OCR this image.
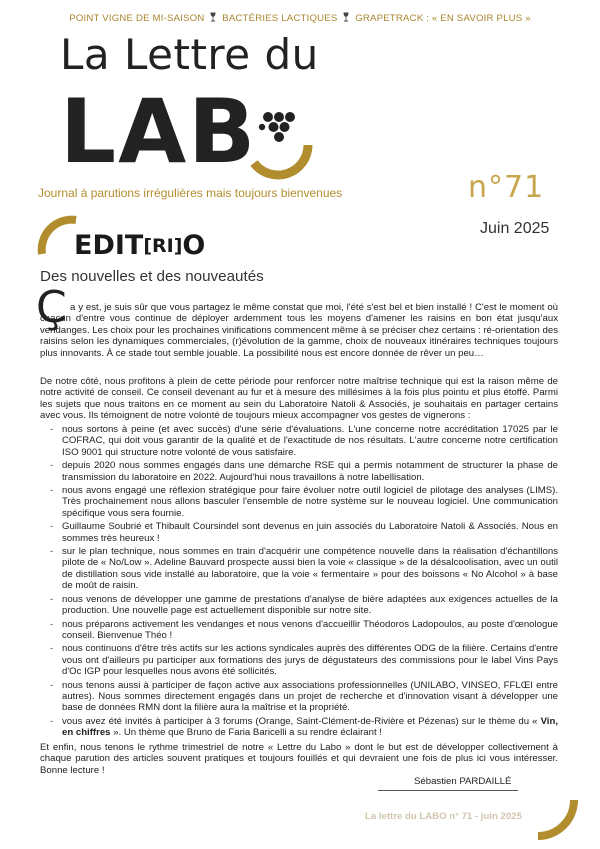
POINT VIGNE DE MI-SAISON BACTÉRIES LACTIQUES GRAPETRACK : « EN SAVOIR PLUS »
La Lettre du
LAB
Journal à parutions irrégulières mais toujours bienvenues	n°71
EDIT[RI]O
Juin 2025
Des nouvelles et des nouveautés
Ç a y est, je suis sûr que vous partagez le même constat que moi, l'été s'est bel et bien installé ! C'est le moment où chacun d'entre vous continue de déployer ardemment tous les moyens d'amener les raisins en bon état jusqu'aux vendanges. Les choix pour les prochaines vinifications commencent même à se préciser chez certains : ré-orientation des raisins selon les dynamiques commerciales, (r)évolution de la gamme, choix de nouveaux itinéraires techniques toujours plus innovants. À ce stade tout semble jouable. La possibilité nous est encore donnée de rêver un peu…

De notre côté, nous profitons à plein de cette période pour renforcer notre maîtrise technique qui est la raison même de notre activité de conseil. Ce conseil devenant au fur et à mesure des millésimes à la fois plus pointu et plus étoffé. Parmi les sujets que nous traitons en ce moment au sein du Laboratoire Natoli & Associés, je souhaitais en partager certains avec vous. Ils témoignent de notre volonté de toujours mieux accompagner vos gestes de vignerons :

‐ nous sortons à peine (et avec succès) d'une série d'évaluations. L'une concerne notre accréditation 17025 par le COFRAC, qui doit vous garantir de la qualité et de l'exactitude de nos résultats. L'autre concerne notre certification ISO 9001 qui structure notre volonté de vous satisfaire.
‐ depuis 2020 nous sommes engagés dans une démarche RSE qui a permis notamment de structurer la phase de transmission du laboratoire en 2022. Aujourd'hui nous travaillons à notre labellisation.
‐ nous avons engagé une réflexion stratégique pour faire évoluer notre outil logiciel de pilotage des analyses (LIMS). Très prochainement nous allons basculer l'ensemble de notre système sur le nouveau logiciel. Une communication spécifique vous sera fournie.
‐ Guillaume Soubrié et Thibault Coursindel sont devenus en juin associés du Laboratoire Natoli & Associés. Nous en sommes très heureux !
‐ sur le plan technique, nous sommes en train d'acquérir une compétence nouvelle dans la réalisation d'échantillons pilote de « No/Low ». Adeline Bauvard prospecte aussi bien la voie « classique » de la désalcoolisation, avec un outil de distillation sous vide installé au laboratoire, que la voie « fermentaire » pour des boissons « No Alcohol » à base de moût de raisin.
‐ nous venons de développer une gamme de prestations d'analyse de bière adaptées aux exigences actuelles de la production. Une nouvelle page est actuellement disponible sur notre site.
‐ nous préparons activement les vendanges et nous venons d'accueillir Théodoros Ladopoulos, au poste d'œnologue conseil. Bienvenue Théo !
‐ nous continuons d'être très actifs sur les actions syndicales auprès des différentes ODG de la filière. Certains d'entre vous ont d'ailleurs pu participer aux formations des jurys de dégustateurs des commissions pour le label Vins Pays d'Oc IGP pour lesquelles nous avons été sollicités.
‐ nous tenons aussi à participer de façon active aux associations professionnelles (UNILABO, VINSEO, FFLŒI entre autres). Nous sommes directement engagés dans un projet de recherche et d'innovation visant à développer une base de données RMN dont la filière aura la maîtrise et la propriété.
‐ vous avez été invités à participer à 3 forums (Orange, Saint-Clément-de-Rivière et Pézenas) sur le thème du « Vin, en chiffres ». Un thème que Bruno de Faria Baricelli a su rendre éclairant !

Et enfin, nous tenons le rythme trimestriel de notre « Lettre du Labo » dont le but est de développer collectivement à chaque parution des articles souvent pratiques et toujours fouillés et qui devraient une fois de plus ici vous intéresser. Bonne lecture !

Sébastien PARDAILLÉ
La lettre du LABO n° 71 - juin 2025
